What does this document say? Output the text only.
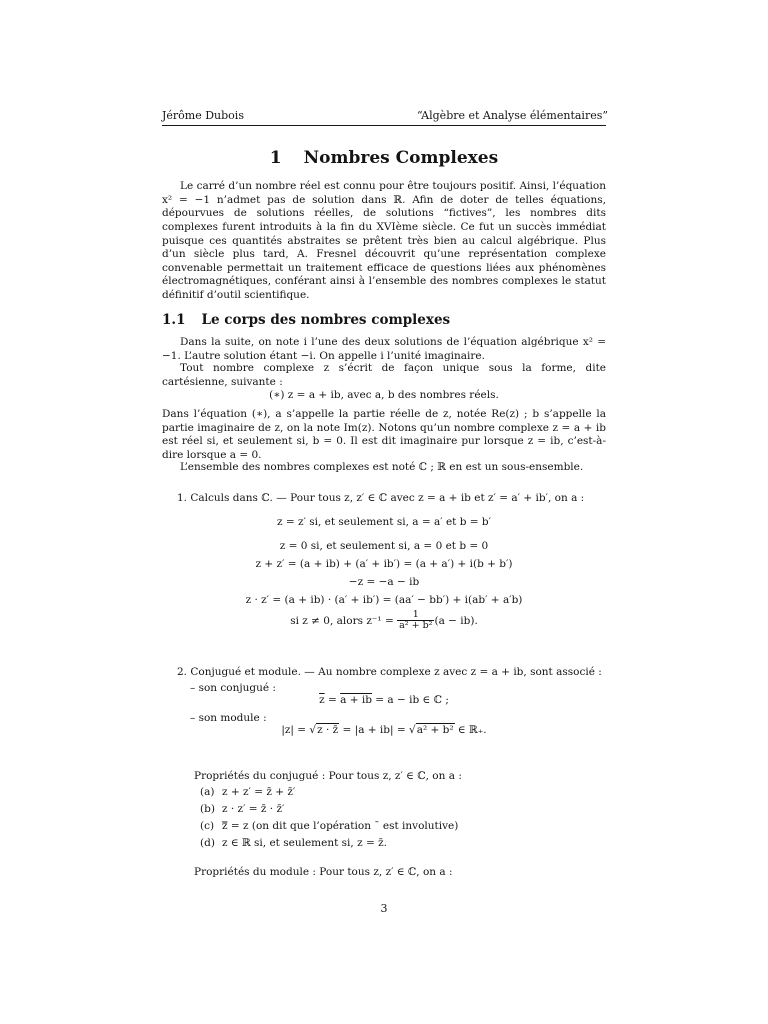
Jérôme Dubois	“Algèbre et Analyse élémentaires”
1 Nombres Complexes
Le carré d’un nombre réel est connu pour être toujours positif. Ainsi, l’équation x² = −1 n’admet pas de solution dans ℝ. Afin de doter de telles équations, dépourvues de solutions réelles, de solutions “fictives”, les nombres dits complexes furent introduits à la fin du XVIème siècle. Ce fut un succès immédiat puisque ces quantités abstraites se prêtent très bien au calcul algébrique. Plus d’un siècle plus tard, A. Fresnel découvrit qu’une représentation complexe convenable permettait un traitement efficace de questions liées aux phénomènes électromagnétiques, conférant ainsi à l’ensemble des nombres complexes le statut définitif d’outil scientifique.
1.1 Le corps des nombres complexes
Dans la suite, on note i l’une des deux solutions de l’équation algébrique x² = −1. L’autre solution étant −i. On appelle i l’unité imaginaire.
Tout nombre complexe z s’écrit de façon unique sous la forme, dite cartésienne, suivante :
(∗) z = a + ib, avec a, b des nombres réels.
Dans l’équation (∗), a s’appelle la partie réelle de z, notée Re(z) ; b s’appelle la partie imaginaire de z, on la note Im(z). Notons qu’un nombre complexe z = a + ib est réel si, et seulement si, b = 0. Il est dit imaginaire pur lorsque z = ib, c’est-à-dire lorsque a = 0.
L’ensemble des nombres complexes est noté ℂ ; ℝ en est un sous-ensemble.
1. Calculs dans ℂ. — Pour tous z, z′ ∈ ℂ avec z = a + ib et z′ = a′ + ib′, on a :
z = z′ si, et seulement si, a = a′ et b = b′
z = 0 si, et seulement si, a = 0 et b = 0
z + z′ = (a + ib) + (a′ + ib′) = (a + a′) + i(b + b′)
−z = −a − ib
z · z′ = (a + ib) · (a′ + ib′) = (aa′ − bb′) + i(ab′ + a′b)
si z ≠ 0, alors $z^{-1} = \frac{1}{\text{a² + b²}} (a - ib)$.
2. Conjugué et module. — Au nombre complexe z avec z = a + ib, sont associé :
– son conjugué :
$\overline{z} = a$ + ib = a − ib ∈ ℂ ;
– son module :
|z| = √z · z̄ = |a + ib| = √a² + b² ∈ ℝ₊.
Propriétés du conjugué : Pour tous z, z′ ∈ ℂ, on a :
(a) z + z′ = z̄ + z̄′
(b) z · z′ = z̄ · z̄′
(c) z̿ = z (on dit que l’opération ¯ est involutive)
(d) z ∈ ℝ si, et seulement si, z = z̄.
Propriétés du module : Pour tous z, z′ ∈ ℂ, on a :
3
